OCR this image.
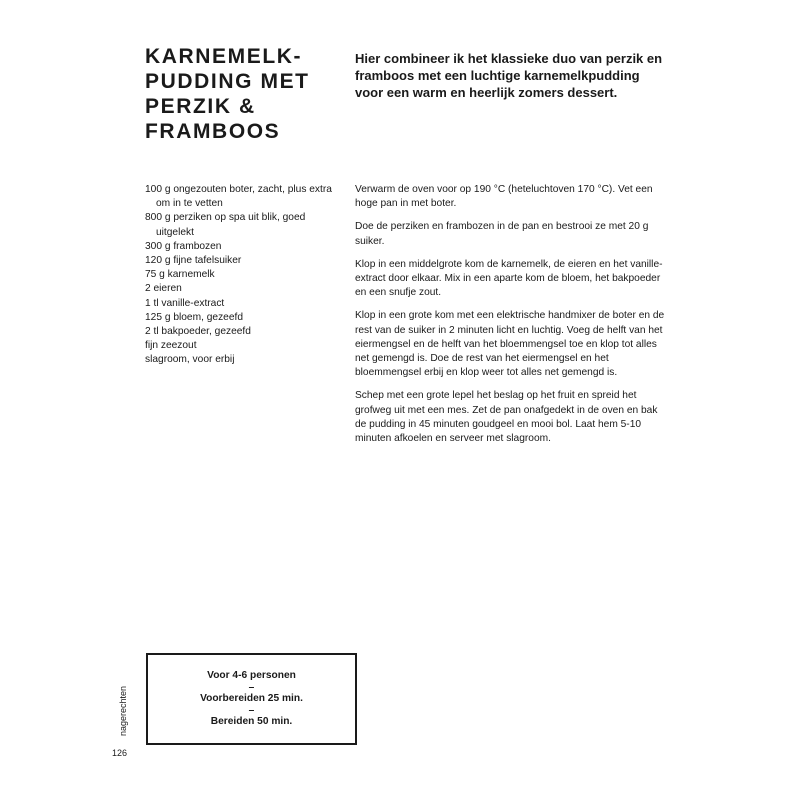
KARNEMELK-
PUDDING MET
PERZIK &
FRAMBOOS

Hier combineer ik het klassieke duo van perzik en framboos met een luchtige karnemelkpudding voor een warm en heerlijk zomers dessert.

100 g ongezouten boter, zacht, plus extra om in te vetten
800 g perziken op spa uit blik, goed uitgelekt
300 g frambozen
120 g fijne tafelsuiker
75 g karnemelk
2 eieren
1 tl vanille-extract
125 g bloem, gezeefd
2 tl bakpoeder, gezeefd
fijn zeezout
slagroom, voor erbij

Verwarm de oven voor op 190 °C (heteluchtoven 170 °C). Vet een hoge pan in met boter.

Doe de perziken en frambozen in de pan en bestrooi ze met 20 g suiker.

Klop in een middelgrote kom de karnemelk, de eieren en het vanille-extract door elkaar. Mix in een aparte kom de bloem, het bakpoeder en een snufje zout.

Klop in een grote kom met een elektrische handmixer de boter en de rest van de suiker in 2 minuten licht en luchtig. Voeg de helft van het eiermengsel en de helft van het bloemmengsel toe en klop tot alles net gemengd is. Doe de rest van het eiermengsel en het bloemmengsel erbij en klop weer tot alles net gemengd is.

Schep met een grote lepel het beslag op het fruit en spreid het grofweg uit met een mes. Zet de pan onafgedekt in de oven en bak de pudding in 45 minuten goudgeel en mooi bol. Laat hem 5-10 minuten afkoelen en serveer met slagroom.

Voor 4-6 personen
–
Voorbereiden 25 min.
–
Bereiden 50 min.
nagerechten
126
